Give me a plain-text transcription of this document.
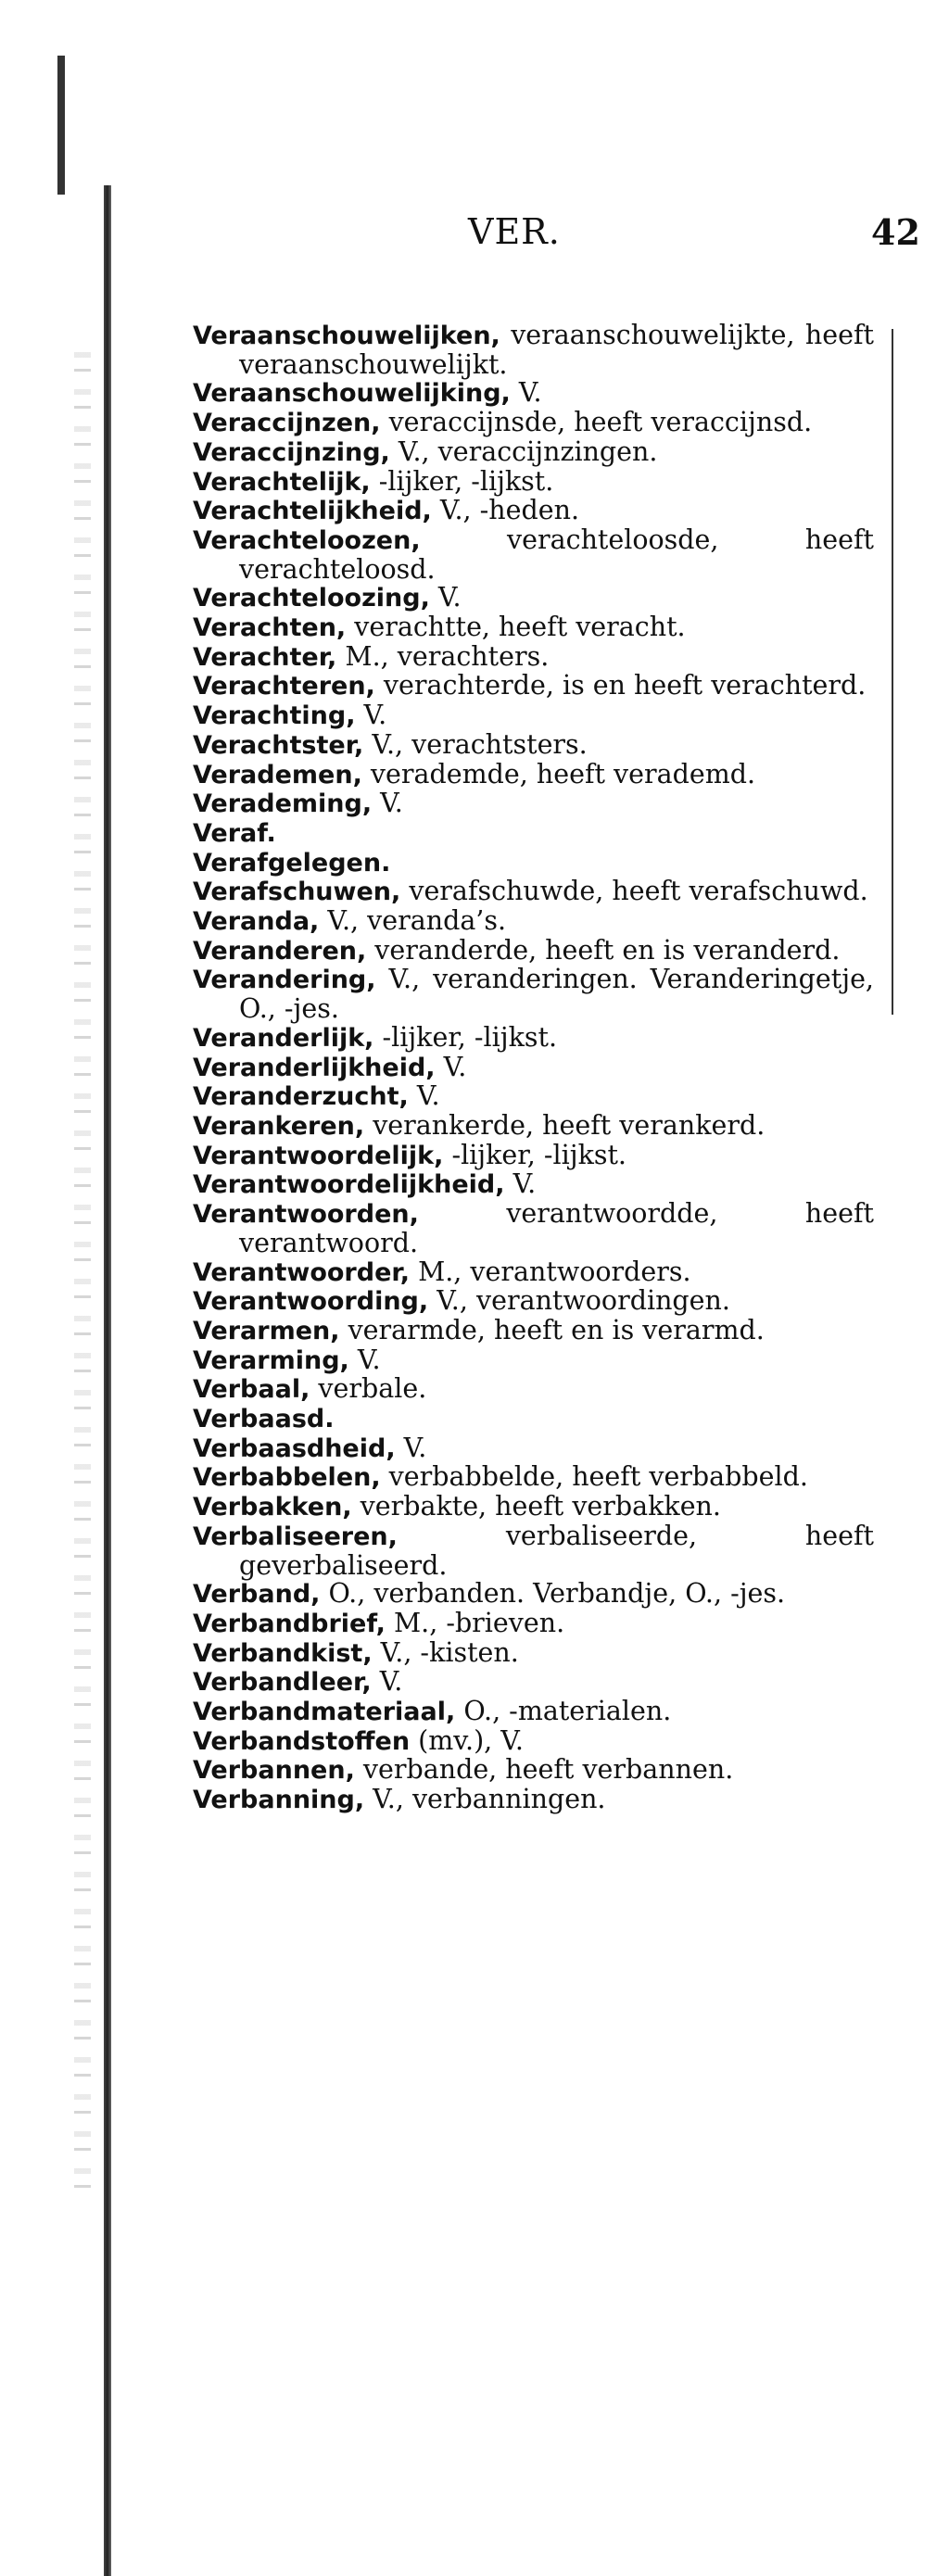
VER.	42

Veraanschouwelijken, veraanschouwelijkte, heeft veraanschouwelijkt.

Veraanschouwelijking, V.

Veraccijnzen, veraccijnsde, heeft veraccijnsd.

Veraccijnzing, V., veraccijnzingen.

Verachtelijk, -lijker, -lijkst.

Verachtelijkheid, V., -heden.

Verachteloozen,	verachteloosde, heeft verachteloosd.

Verachteloozing, V.

Verachten, verachtte, heeft veracht.

Verachter, M., verachters.

Verachteren, verachterde, is en heeft verachterd.

Verachting, V.

Verachtster, V., verachtsters.

Verademen, verademde, heeft verademd.

Verademing, V.

Veraf.

Verafgelegen.

Verafschuwen, verafschuwde, heeft verafschuwd.

Veranda, V., veranda’s.

Veranderen, veranderde, heeft en is veranderd.

Verandering, V., veranderingen. Veranderingetje, O., -jes.

Veranderlijk, -lijker, -lijkst.

Veranderlijkheid, V.

Veranderzucht, V.

Verankeren, verankerde, heeft verankerd.

Verantwoordelijk, -lijker, -lijkst.

Verantwoordelijkheid, V.

Verantwoorden,	verantwoordde, heeft verantwoord.

Verantwoorder, M., verantwoorders.

Verantwoording, V., verantwoordingen.

Verarmen, verarmde, heeft en is verarmd.

Verarming, V.

Verbaal, verbale.

Verbaasd.

Verbaasdheid, V.

Verbabbelen, verbabbelde, heeft verbabbeld.

Verbakken, verbakte, heeft verbakken.

Verbaliseeren,	verbaliseerde, heeft geverbaliseerd.

Verband, O., verbanden. Verbandje, O., -jes.

Verbandbrief, M., -brieven.

Verbandkist, V., -kisten.

Verbandleer, V.

Verbandmateriaal, O., -materialen.

Verbandstoffen (mv.), V.

Verbannen, verbande, heeft verbannen.

Verbanning, V., verbanningen.
